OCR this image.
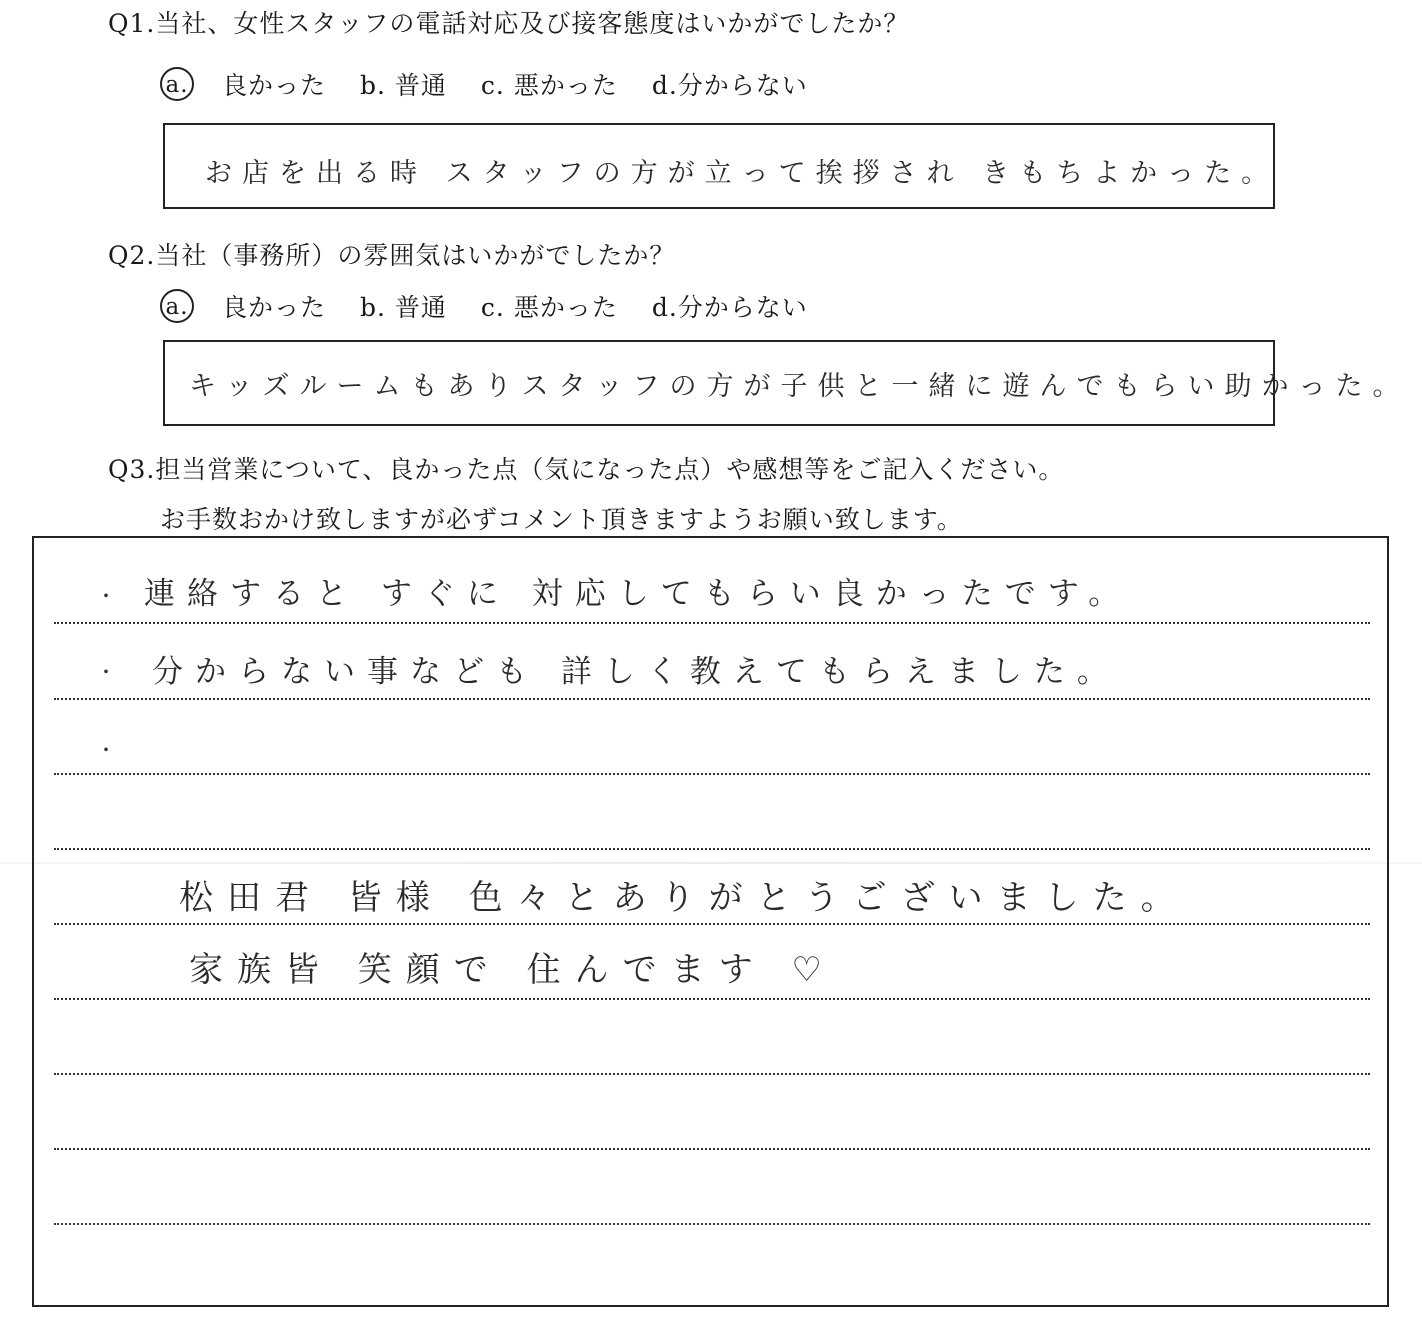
Q1.当社、女性スタッフの電話対応及び接客態度はいかがでしたか？
a. 良かった b. 普通 c. 悪かった d.分からない
お店を出る時 スタッフの方が立って挨拶され きもちよかった。
Q2.当社（事務所）の雰囲気はいかがでしたか？
a. 良かった b. 普通 c. 悪かった d.分からない
キッズルームもありスタッフの方が子供と一緒に遊んでもらい助かった。
Q3.担当営業について、良かった点（気になった点）や感想等をご記入ください。
お手数おかけ致しますが必ずコメント頂きますようお願い致します。
・ 連絡すると すぐに 対応してもらい良かったです。
・ 分からない事なども 詳しく教えてもらえました。
・
松田君 皆様 色々とありがとうございました。
家族皆 笑顔で 住んでます ♡
